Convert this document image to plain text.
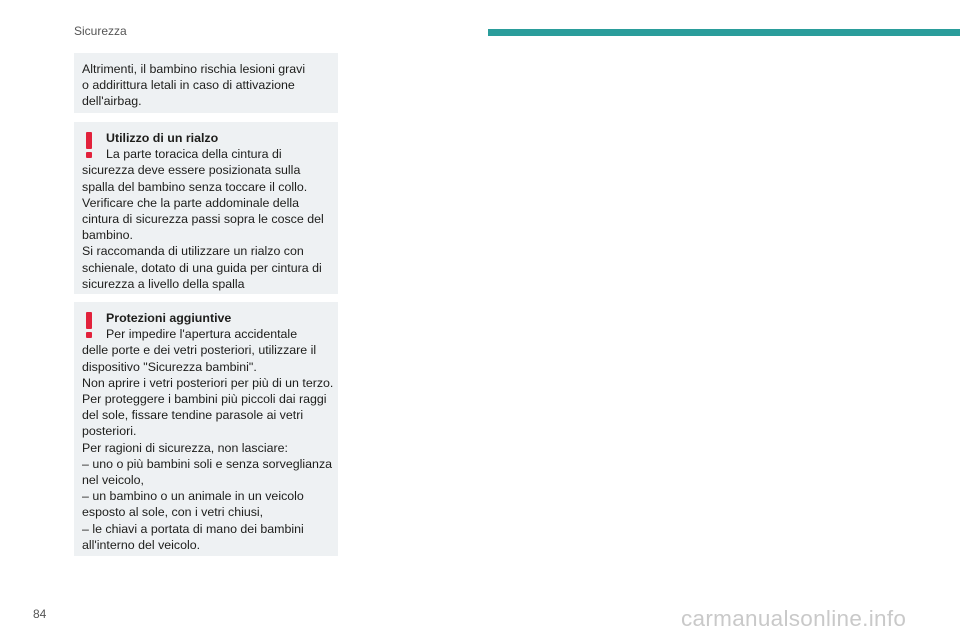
Sicurezza

Altrimenti, il bambino rischia lesioni gravi

o addirittura letali in caso di attivazione

dell'airbag.

Utilizzo di un rialzo

La parte toracica della cintura di

sicurezza deve essere posizionata sulla

spalla del bambino senza toccare il collo.

Verificare che la parte addominale della

cintura di sicurezza passi sopra le cosce del

bambino.

Si raccomanda di utilizzare un rialzo con

schienale, dotato di una guida per cintura di

sicurezza a livello della spalla

Protezioni aggiuntive

Per impedire l'apertura accidentale

delle porte e dei vetri posteriori, utilizzare il

dispositivo "Sicurezza bambini".

Non aprire i vetri posteriori per più di un terzo.

Per proteggere i bambini più piccoli dai raggi

del sole, fissare tendine parasole ai vetri

posteriori.

Per ragioni di sicurezza, non lasciare:

– uno o più bambini soli e senza sorveglianza

nel veicolo,

– un bambino o un animale in un veicolo

esposto al sole, con i vetri chiusi,

– le chiavi a portata di mano dei bambini

all'interno del veicolo.

84	carmanualsonline.info
